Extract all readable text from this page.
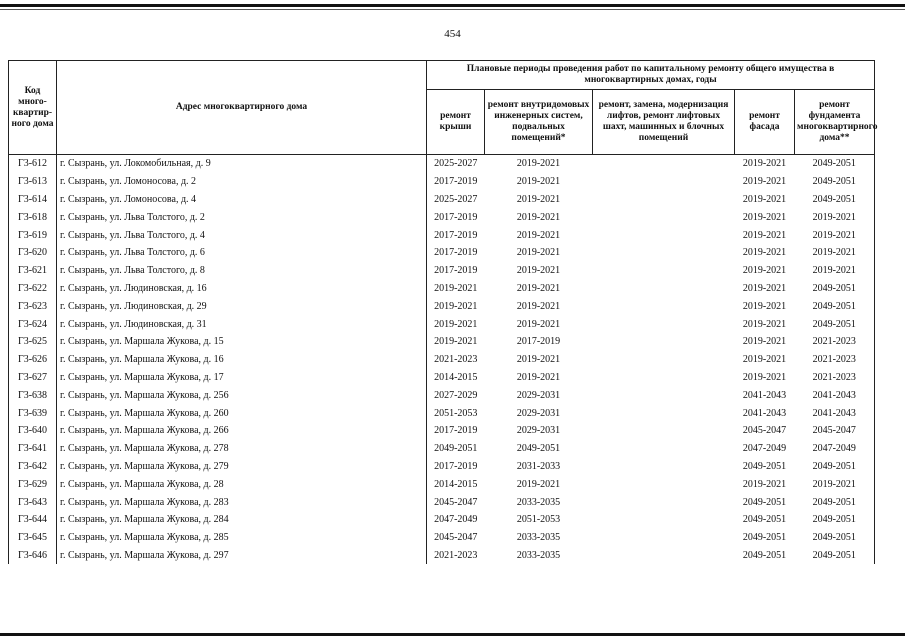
454
Код много-квартир-ного дома	Адрес многоквартирного дома	Плановые периоды проведения работ по капитальному ремонту общего имущества в многоквартирных домах, годы				
		ремонт крыши	ремонт внутридомовых инженерных систем, подвальных помещений*	ремонт, замена, модернизация лифтов, ремонт лифтовых шахт, машинных и блочных помещений	ремонт фасада	ремонт фундамента многоквартирного дома**
Г3-612	г. Сызрань, ул. Локомобильная, д. 9	2025-2027	2019-2021		2019-2021	2049-2051
Г3-613	г. Сызрань, ул. Ломоносова, д. 2	2017-2019	2019-2021		2019-2021	2049-2051
Г3-614	г. Сызрань, ул. Ломоносова, д. 4	2025-2027	2019-2021		2019-2021	2049-2051
Г3-618	г. Сызрань, ул. Льва Толстого, д. 2	2017-2019	2019-2021		2019-2021	2019-2021
Г3-619	г. Сызрань, ул. Льва Толстого, д. 4	2017-2019	2019-2021		2019-2021	2019-2021
Г3-620	г. Сызрань, ул. Льва Толстого, д. 6	2017-2019	2019-2021		2019-2021	2019-2021
Г3-621	г. Сызрань, ул. Льва Толстого, д. 8	2017-2019	2019-2021		2019-2021	2019-2021
Г3-622	г. Сызрань, ул. Людиновская, д. 16	2019-2021	2019-2021		2019-2021	2049-2051
Г3-623	г. Сызрань, ул. Людиновская, д. 29	2019-2021	2019-2021		2019-2021	2049-2051
Г3-624	г. Сызрань, ул. Людиновская, д. 31	2019-2021	2019-2021		2019-2021	2049-2051
Г3-625	г. Сызрань, ул. Маршала Жукова, д. 15	2019-2021	2017-2019		2019-2021	2021-2023
Г3-626	г. Сызрань, ул. Маршала Жукова, д. 16	2021-2023	2019-2021		2019-2021	2021-2023
Г3-627	г. Сызрань, ул. Маршала Жукова, д. 17	2014-2015	2019-2021		2019-2021	2021-2023
Г3-638	г. Сызрань, ул. Маршала Жукова, д. 256	2027-2029	2029-2031		2041-2043	2041-2043
Г3-639	г. Сызрань, ул. Маршала Жукова, д. 260	2051-2053	2029-2031		2041-2043	2041-2043
Г3-640	г. Сызрань, ул. Маршала Жукова, д. 266	2017-2019	2029-2031		2045-2047	2045-2047
Г3-641	г. Сызрань, ул. Маршала Жукова, д. 278	2049-2051	2049-2051		2047-2049	2047-2049
Г3-642	г. Сызрань, ул. Маршала Жукова, д. 279	2017-2019	2031-2033		2049-2051	2049-2051
Г3-629	г. Сызрань, ул. Маршала Жукова, д. 28	2014-2015	2019-2021		2019-2021	2019-2021
Г3-643	г. Сызрань, ул. Маршала Жукова, д. 283	2045-2047	2033-2035		2049-2051	2049-2051
Г3-644	г. Сызрань, ул. Маршала Жукова, д. 284	2047-2049	2051-2053		2049-2051	2049-2051
Г3-645	г. Сызрань, ул. Маршала Жукова, д. 285	2045-2047	2033-2035		2049-2051	2049-2051
Г3-646	г. Сызрань, ул. Маршала Жукова, д. 297	2021-2023	2033-2035		2049-2051	2049-2051
